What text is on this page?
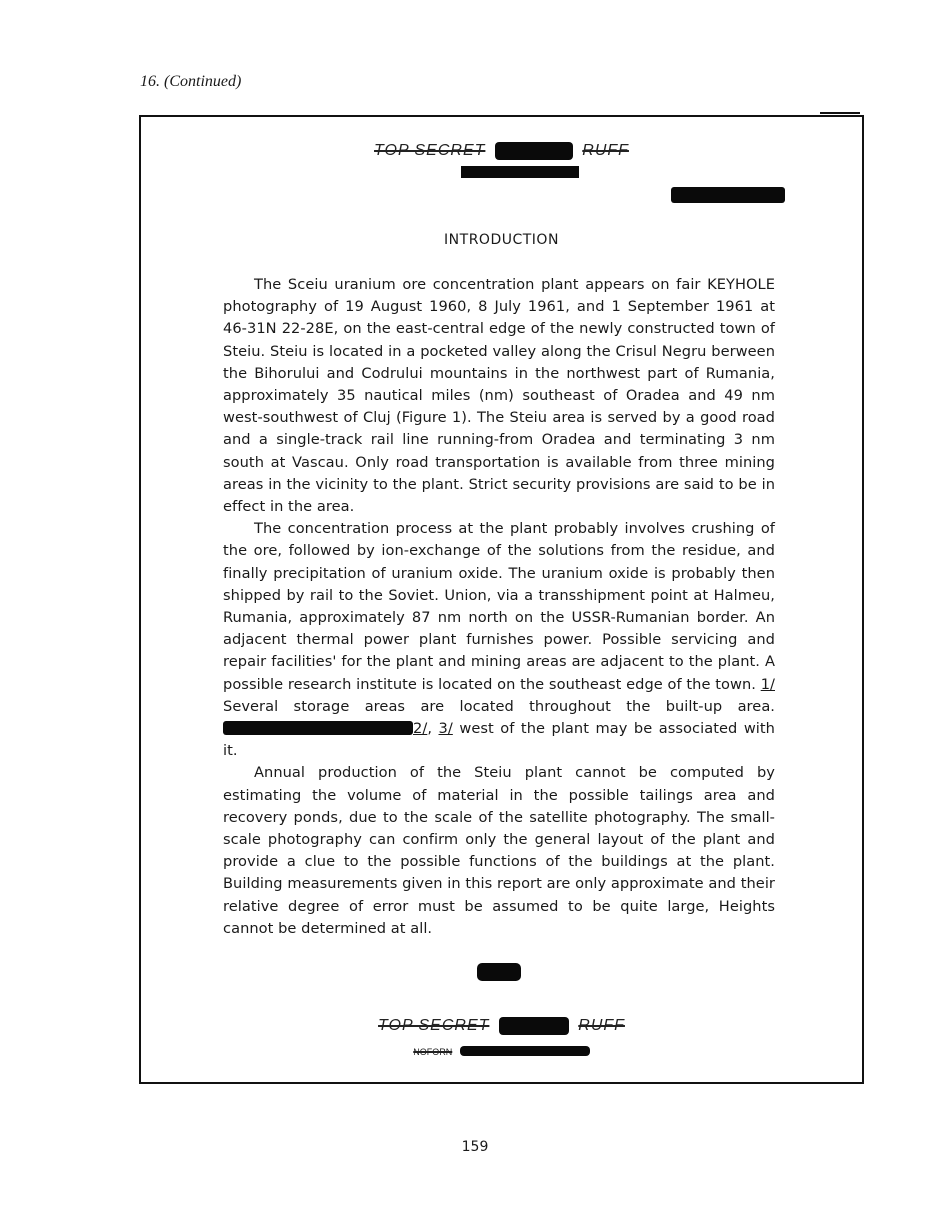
16. (Continued)
TOP SECRET	RUFF
INTRODUCTION

The Sceiu uranium ore concentration plant appears on fair KEYHOLE photography of 19 August 1960, 8 July 1961, and 1 September 1961 at 46-31N 22-28E, on the east-central edge of the newly constructed town of Steiu. Steiu is located in a pocketed valley along the Crisul Negru berween the Bihorului and Codrului mountains in the northwest part of Rumania, approximately 35 nautical miles (nm) southeast of Oradea and 49 nm west-southwest of Cluj (Figure 1). The Steiu area is served by a good road and a single-track rail line running-from Oradea and terminating 3 nm south at Vascau. Only road transportation is available from three mining areas in the vicinity to the plant. Strict security provisions are said to be in effect in the area.

The concentration process at the plant probably involves crushing of the ore, followed by ion-exchange of the solutions from the residue, and finally precipitation of uranium oxide. The uranium oxide is probably then shipped by rail to the Soviet. Union, via a transshipment point at Halmeu, Rumania, approximately 87 nm north on the USSR-Rumanian border. An adjacent thermal power plant furnishes power. Possible servicing and repair facilities' for the plant and mining areas are adjacent to the plant. A possible research institute is located on the southeast edge of the town. 1/ Several storage areas are located throughout the built-up area. 2/, 3/ west of the plant may be associated with it.

Annual production of the Steiu plant cannot be computed by estimating the volume of material in the possible tailings area and recovery ponds, due to the scale of the satellite photography. The small-scale photography can confirm only the general layout of the plant and provide a clue to the possible functions of the buildings at the plant. Building measurements given in this report are only approximate and their relative degree of error must be assumed to be quite large, Heights cannot be determined at all.

TOP SECRET	RUFF
NOFORN
159
